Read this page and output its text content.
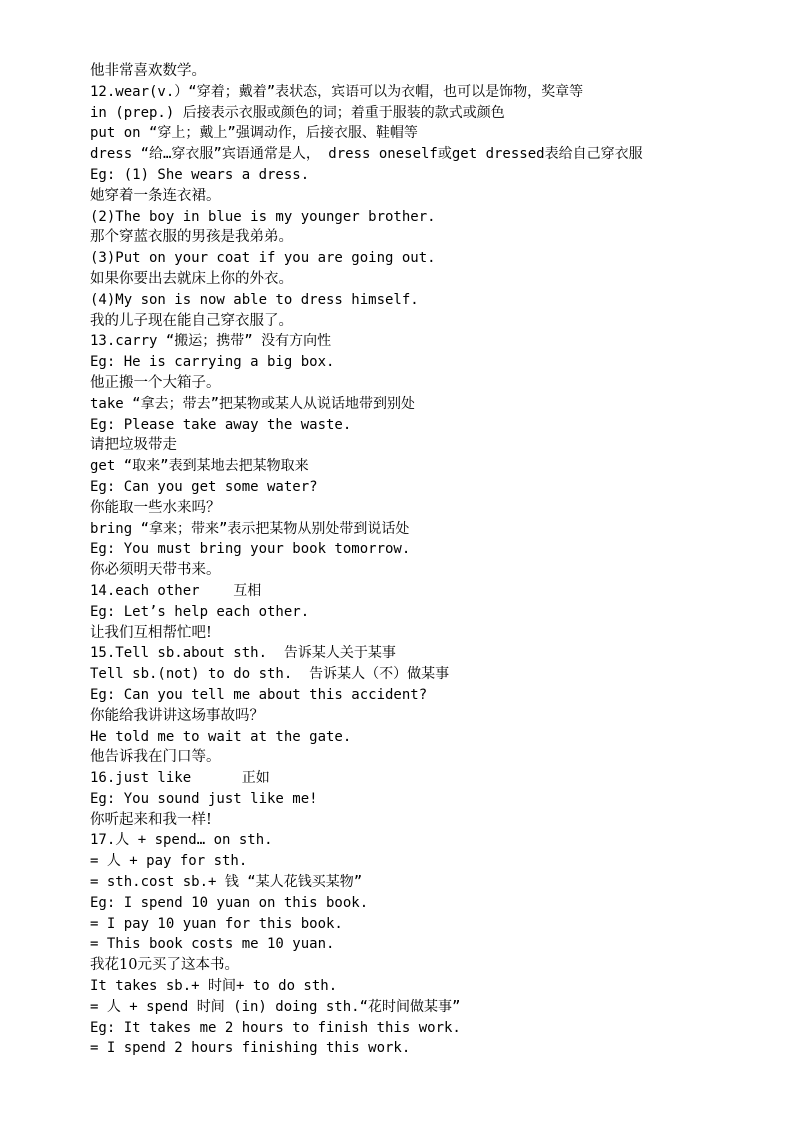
他非常喜欢数学。
12.wear(v.）“穿着；戴着”表状态，宾语可以为衣帽，也可以是饰物，奖章等
in (prep.) 后接表示衣服或颜色的词；着重于服装的款式或颜色
put on “穿上；戴上”强调动作，后接衣服、鞋帽等
dress “给…穿衣服”宾语通常是人， dress oneself或get dressed表给自己穿衣服
Eg: (1) She wears a dress.
她穿着一条连衣裙。
(2)The boy in blue is my younger brother.
那个穿蓝衣服的男孩是我弟弟。
(3)Put on your coat if you are going out.
如果你要出去就床上你的外衣。
(4)My son is now able to dress himself.
我的儿子现在能自己穿衣服了。
13.carry “搬运；携带” 没有方向性
Eg: He is carrying a big box.
他正搬一个大箱子。
take “拿去；带去”把某物或某人从说话地带到别处
Eg: Please take away the waste.
请把垃圾带走
get “取来”表到某地去把某物取来
Eg: Can you get some water?
你能取一些水来吗？
bring “拿来；带来”表示把某物从别处带到说话处
Eg: You must bring your book tomorrow.
你必须明天带书来。
14.each other    互相
Eg: Let’s help each other.
让我们互相帮忙吧!
15.Tell sb.about sth.  告诉某人关于某事
Tell sb.(not) to do sth.  告诉某人（不）做某事
Eg: Can you tell me about this accident?
你能给我讲讲这场事故吗？
He told me to wait at the gate.
他告诉我在门口等。
16.just like      正如
Eg: You sound just like me!
你听起来和我一样!
17.人 + spend… on sth.
= 人 + pay for sth.
= sth.cost sb.+ 钱 “某人花钱买某物”
Eg: I spend 10 yuan on this book.
= I pay 10 yuan for this book.
= This book costs me 10 yuan.
我花10元买了这本书。
It takes sb.+ 时间+ to do sth.
= 人 + spend 时间 (in) doing sth.“花时间做某事”
Eg: It takes me 2 hours to finish this work.
= I spend 2 hours finishing this work.
